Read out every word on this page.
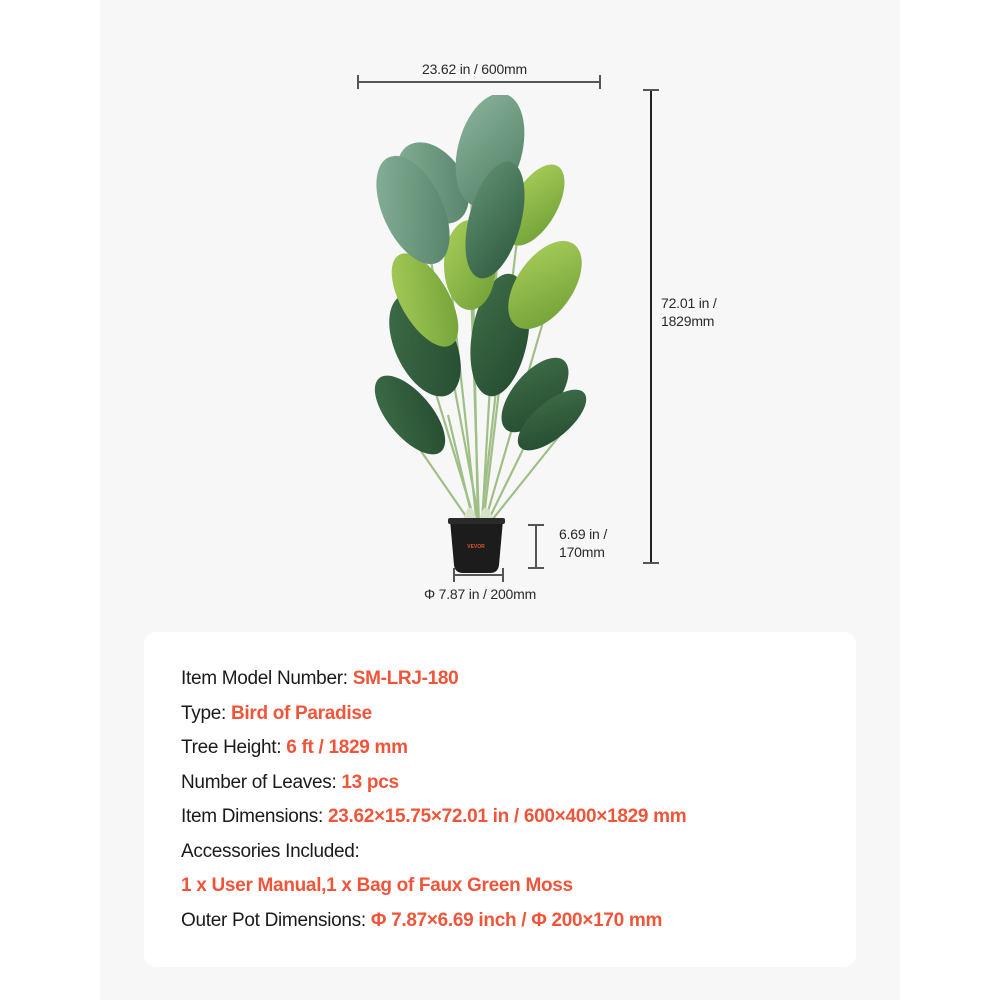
23.62 in / 600mm
72.01 in /
1829mm
6.69 in /
170mm
Φ 7.87 in / 200mm
VEVOR
Item Model Number: SM-LRJ-180
Type: Bird of Paradise
Tree Height: 6 ft / 1829 mm
Number of Leaves: 13 pcs
Item Dimensions: 23.62×15.75×72.01 in / 600×400×1829 mm
Accessories Included:
1 x User Manual,1 x Bag of Faux Green Moss
Outer Pot Dimensions: Φ 7.87×6.69 inch / Φ 200×170 mm
